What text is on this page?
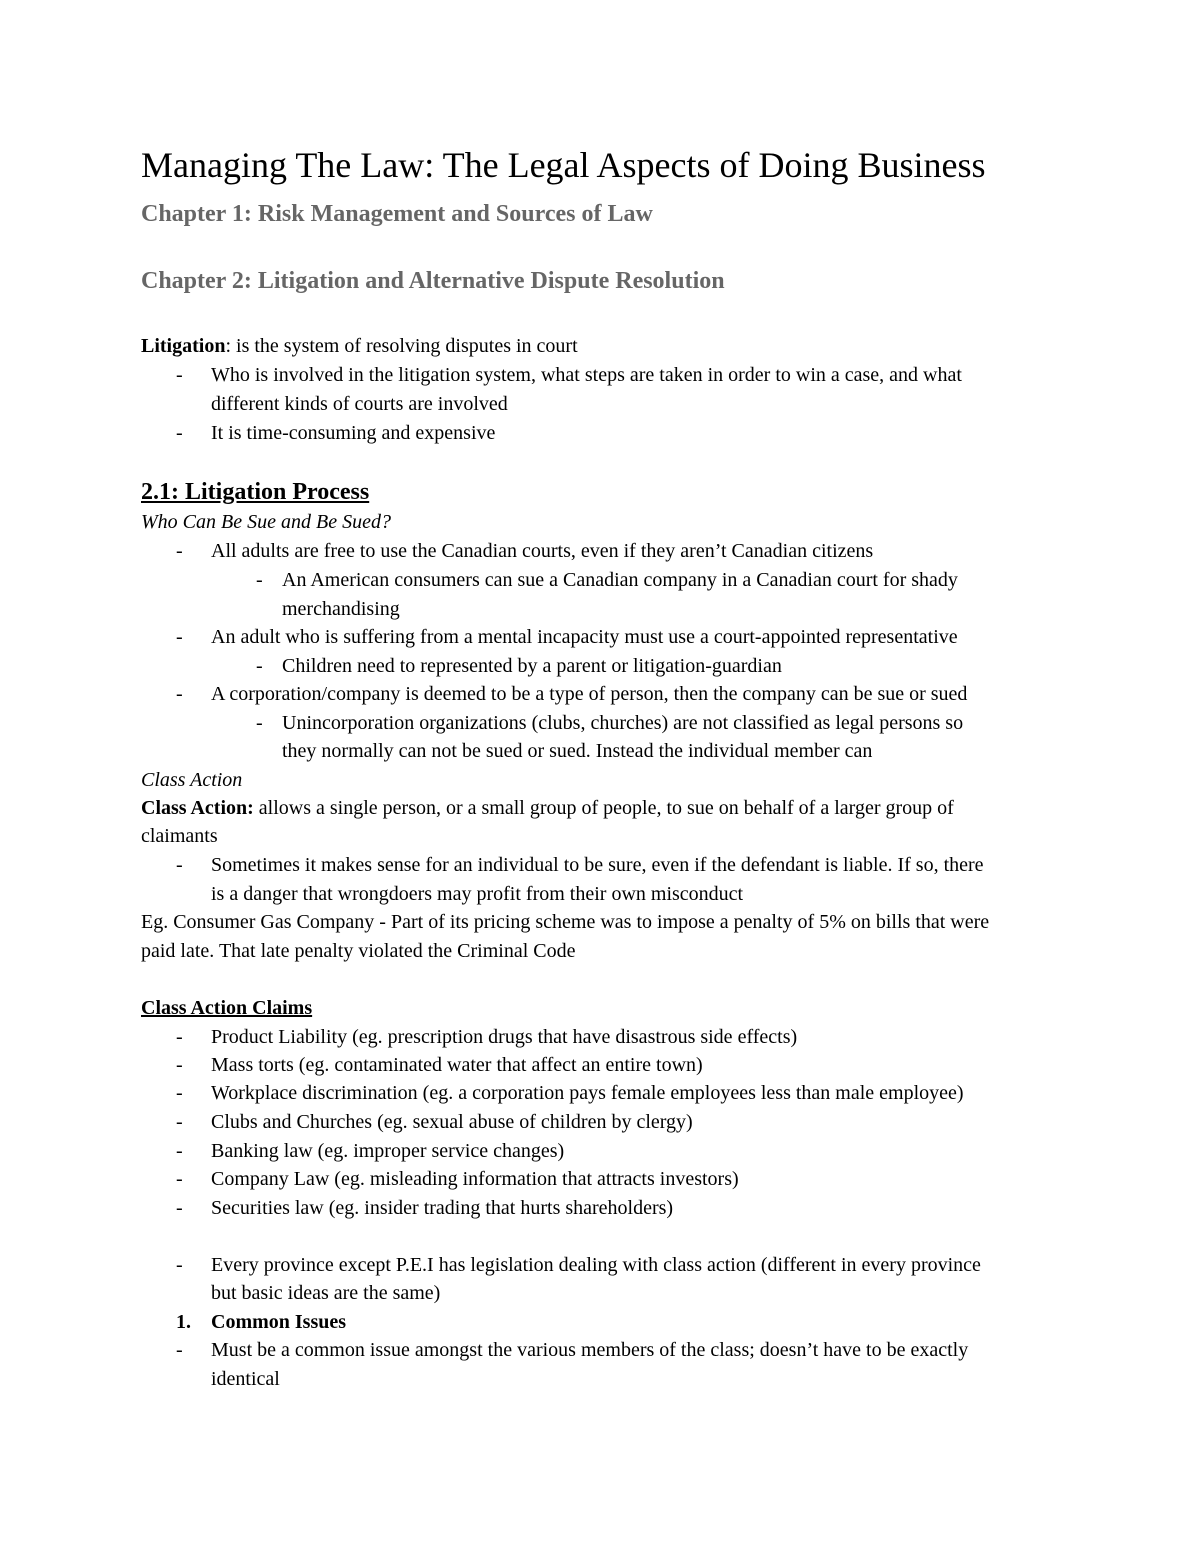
Managing The Law: The Legal Aspects of Doing Business
Chapter 1: Risk Management and Sources of Law
Chapter 2: Litigation and Alternative Dispute Resolution
Litigation: is the system of resolving disputes in court
- Who is involved in the litigation system, what steps are taken in order to win a case, and what
different kinds of courts are involved
- It is time-consuming and expensive
2.1: Litigation Process
Who Can Be Sue and Be Sued?
- All adults are free to use the Canadian courts, even if they aren’t Canadian citizens
- An American consumers can sue a Canadian company in a Canadian court for shady
merchandising
- An adult who is suffering from a mental incapacity must use a court-appointed representative
- Children need to represented by a parent or litigation-guardian
- A corporation/company is deemed to be a type of person, then the company can be sue or sued
- Unincorporation organizations (clubs, churches) are not classified as legal persons so
they normally can not be sued or sued. Instead the individual member can
Class Action
Class Action: allows a single person, or a small group of people, to sue on behalf of a larger group of
claimants
- Sometimes it makes sense for an individual to be sure, even if the defendant is liable. If so, there
is a danger that wrongdoers may profit from their own misconduct
Eg. Consumer Gas Company - Part of its pricing scheme was to impose a penalty of 5% on bills that were
paid late. That late penalty violated the Criminal Code
Class Action Claims
- Product Liability (eg. prescription drugs that have disastrous side effects)
- Mass torts (eg. contaminated water that affect an entire town)
- Workplace discrimination (eg. a corporation pays female employees less than male employee)
- Clubs and Churches (eg. sexual abuse of children by clergy)
- Banking law (eg. improper service changes)
- Company Law (eg. misleading information that attracts investors)
- Securities law (eg. insider trading that hurts shareholders)
- Every province except P.E.I has legislation dealing with class action (different in every province
but basic ideas are the same)
1. Common Issues
- Must be a common issue amongst the various members of the class; doesn’t have to be exactly
identical
